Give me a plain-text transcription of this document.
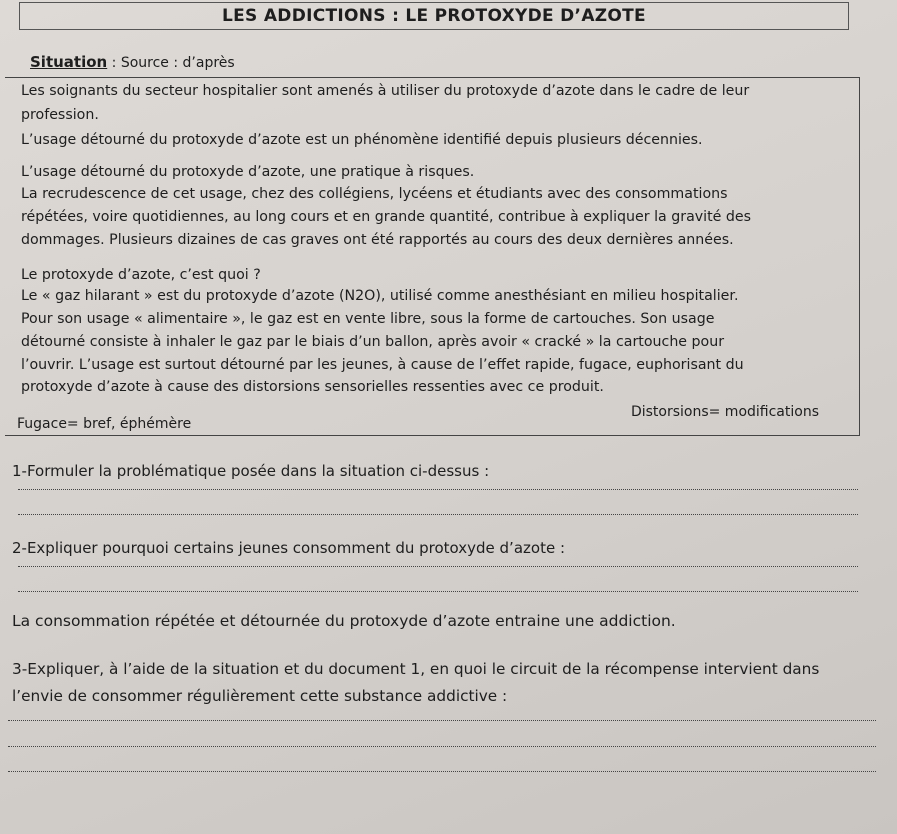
LES ADDICTIONS : LE PROTOXYDE D’AZOTE
Situation : Source : d’après
Les soignants du secteur hospitalier sont amenés à utiliser du protoxyde d’azote dans le cadre de leur
profession.
L’usage détourné du protoxyde d’azote est un phénomène identifié depuis plusieurs décennies.
L’usage détourné du protoxyde d’azote, une pratique à risques.
La recrudescence de cet usage, chez des collégiens, lycéens et étudiants avec des consommations
répétées, voire quotidiennes, au long cours et en grande quantité, contribue à expliquer la gravité des
dommages. Plusieurs dizaines de cas graves ont été rapportés au cours des deux dernières années.
Le protoxyde d’azote, c’est quoi ?
Le « gaz hilarant » est du protoxyde d’azote (N2O), utilisé comme anesthésiant en milieu hospitalier.
Pour son usage « alimentaire », le gaz est en vente libre, sous la forme de cartouches. Son usage
détourné consiste à inhaler le gaz par le biais d’un ballon, après avoir « cracké » la cartouche pour
l’ouvrir. L’usage est surtout détourné par les jeunes, à cause de l’effet rapide, fugace, euphorisant du
protoxyde d’azote à cause des distorsions sensorielles ressenties avec ce produit.
Fugace= bref, éphémère
Distorsions= modifications
1-Formuler la problématique posée dans la situation ci-dessus :
2-Expliquer pourquoi certains jeunes consomment du protoxyde d’azote :
La consommation répétée et détournée du protoxyde d’azote entraine une addiction.
3-Expliquer, à l’aide de la situation et du document 1, en quoi le circuit de la récompense intervient dans
l’envie de consommer régulièrement cette substance addictive :
